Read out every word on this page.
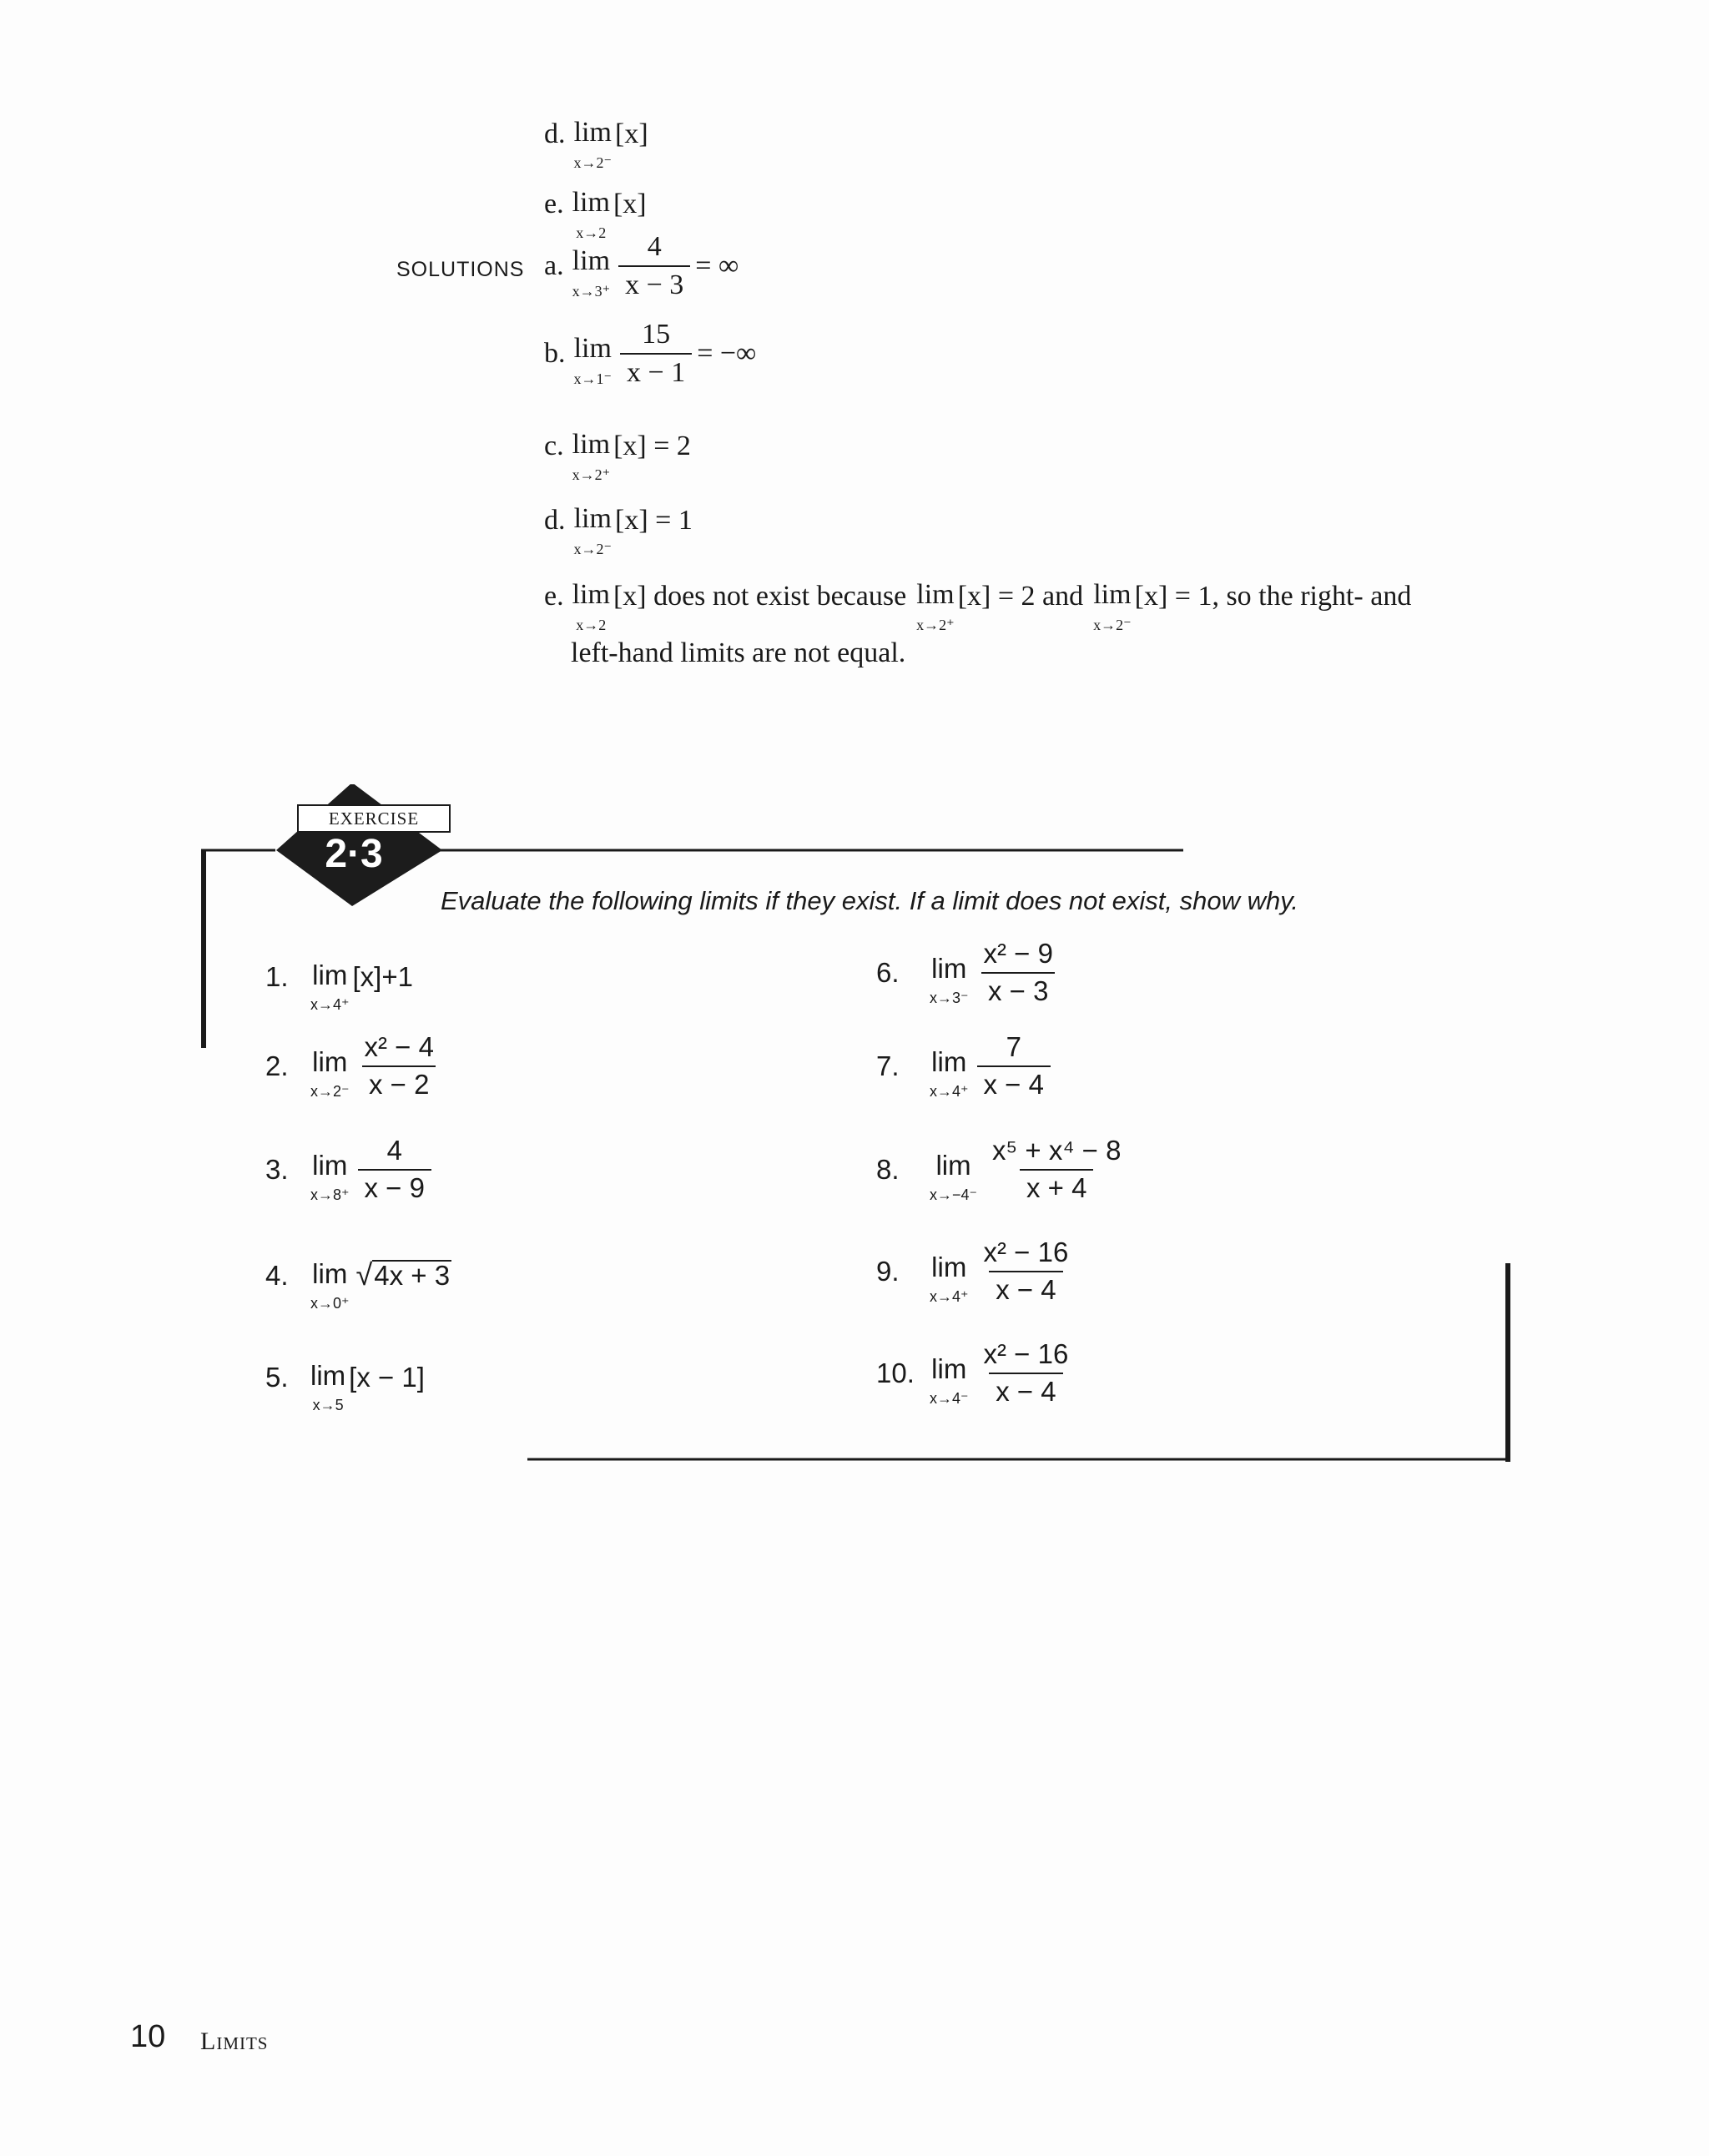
d. lim
x→2⁻
[x]
e. lim
x→2
[x]
SOLUTIONS a. lim
$x\to 3^+ \frac{4}{x - 3}$ = ∞
b. lim
$x\to 1^- \frac{15}{x - 1}$ = −∞
c. lim
x→2⁺
[x] = 2
d. lim
x→2⁻
[x] = 1
e. lim
x→2
[x] does not exist because lim
x→2⁺
[x] = 2 and lim
x→2⁻
[x] = 1, so the right- and
left-hand limits are not equal.
EXERCISE
2·3
Evaluate the following limits if they exist. If a limit does not exist, show why.
1. lim
x→4⁺
[x]+1
2. lim
$x\to 2^- \frac{\text{x² − 4}}{x - 2}$
3. lim
$x\to 8^+ \frac{4}{x - 9}$
4. lim
x→0⁺
√ 4x + 3
5. lim
x→5
[x − 1]
6.	lim
$x\to 3^- \frac{\text{x² − 9}}{x - 3}$
7.	lim
$x\to 4^+ \frac{7}{x - 4}$
8.	lim
$x\to-4^- \frac{\text{x⁵ + x⁴ − 8}}{x + 4}$
9.	lim
$x\to 4^+ \frac{\text{x² − 16}}{x - 4}$
10. lim
$x\to 4^- \frac{\text{x² − 16}}{x - 4}$
10 Limits
